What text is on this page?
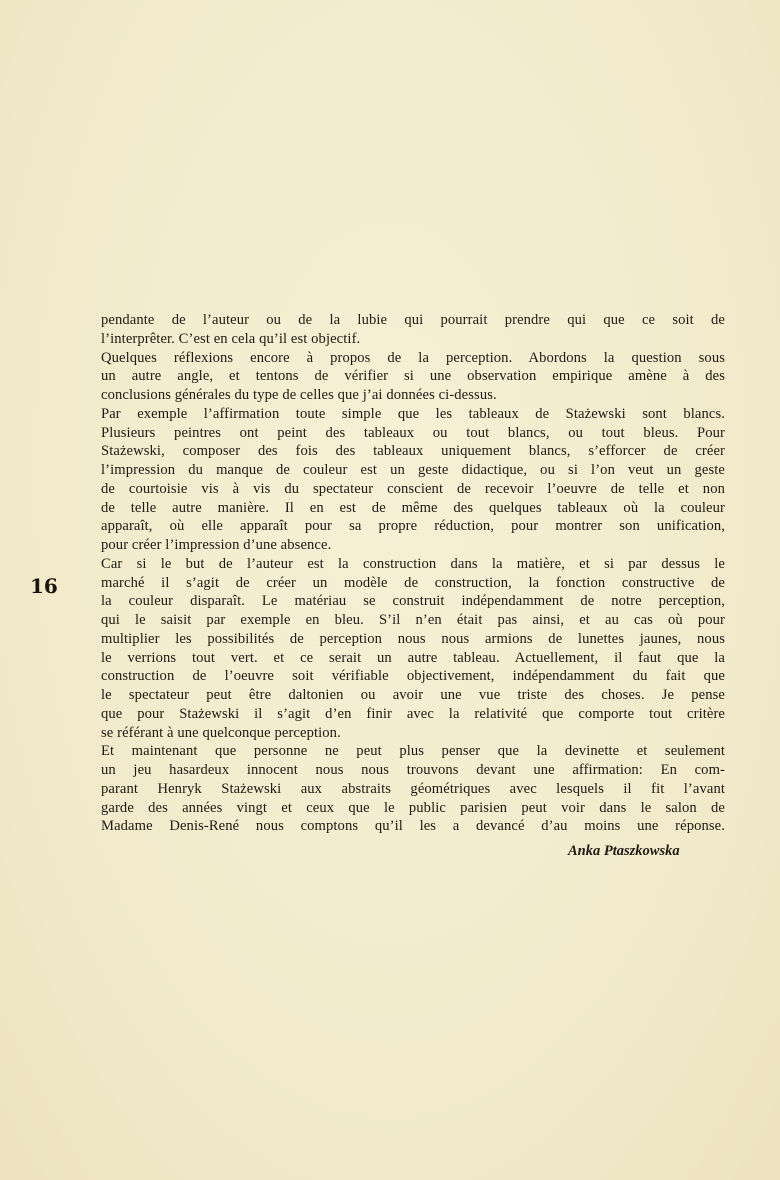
16
pendante de l’auteur ou de la lubie qui pourrait prendre qui que ce soit de
l’interprêter. C’est en cela qu’il est objectif.
Quelques réflexions encore à propos de la perception. Abordons la question sous
un autre angle, et tentons de vérifier si une observation empirique amène à des
conclusions générales du type de celles que j’ai données ci-dessus.
Par exemple l’affirmation toute simple que les tableaux de Stażewski sont blancs.
Plusieurs peintres ont peint des tableaux ou tout blancs, ou tout bleus. Pour
Stażewski, composer des fois des tableaux uniquement blancs, s’efforcer de créer
l’impression du manque de couleur est un geste didactique, ou si l’on veut un geste
de courtoisie vis à vis du spectateur conscient de recevoir l’oeuvre de telle et non
de telle autre manière. Il en est de même des quelques tableaux où la couleur
apparaît, où elle apparaît pour sa propre réduction, pour montrer son unification,
pour créer l’impression d’une absence.
Car si le but de l’auteur est la construction dans la matière, et si par dessus le
marché il s’agit de créer un modèle de construction, la fonction constructive de
la couleur disparaît. Le matériau se construit indépendamment de notre perception,
qui le saisit par exemple en bleu. S’il n’en était pas ainsi, et au cas où pour
multiplier les possibilités de perception nous nous armions de lunettes jaunes, nous
le verrions tout vert. et ce serait un autre tableau. Actuellement, il faut que la
construction de l’oeuvre soit vérifiable objectivement, indépendamment du fait que
le spectateur peut être daltonien ou avoir une vue triste des choses. Je pense
que pour Stażewski il s’agit d’en finir avec la relativité que comporte tout critère
se référant à une quelconque perception.
Et maintenant que personne ne peut plus penser que la devinette et seulement
un jeu hasardeux innocent nous nous trouvons devant une affirmation: En com-
parant Henryk Stażewski aux abstraits géométriques avec lesquels il fit l’avant
garde des années vingt et ceux que le public parisien peut voir dans le salon de
Madame Denis-René nous comptons qu’il les a devancé d’au moins une réponse.
Anka Ptaszkowska
